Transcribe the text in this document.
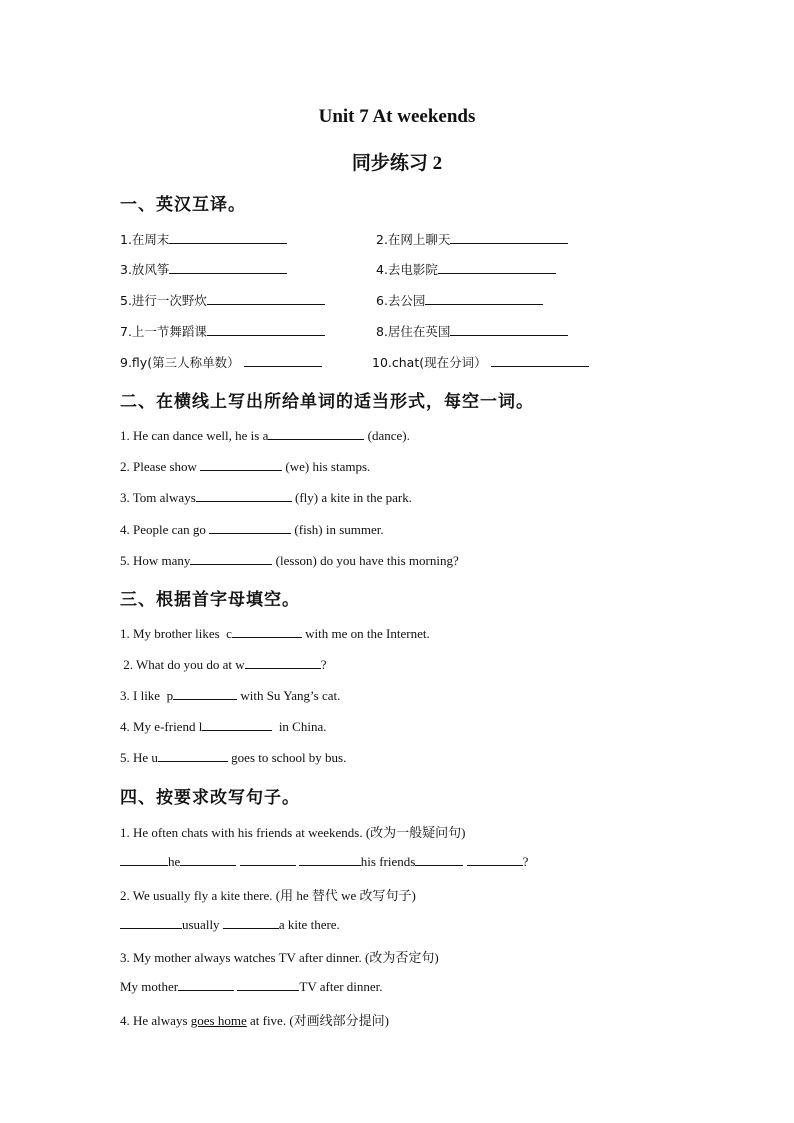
Unit 7 At weekends
同步练习 2
一、英汉互译。
1.在周末	2.在网上聊天
3.放风筝	4.去电影院
5.进行一次野炊	6.去公园
7.上一节舞蹈课	8.居住在英国
9.fly(第三人称单数）	10.chat(现在分词）
二、在横线上写出所给单词的适当形式，每空一词。
1. He can dance well, he is a	(dance).
2. Please show	(we) his stamps.
3. Tom always	(fly) a kite in the park.
4. People can go	(fish) in summer.
5. How many	(lesson) do you have this morning?
三、根据首字母填空。
1. My brother likes  c	with me on the Internet.
2. What do you do at w	?
3. I like  p	with Su Yang’s cat.
4. My e-friend l	in China.
5. He u	goes to school by bus.
四、按要求改写句子。
1. He often chats with his friends at weekends. (改为一般疑问句)
he	his friends	?
2. We usually fly a kite there. (用 he 替代 we 改写句子)
usually	a kite there.
3. My mother always watches TV after dinner. (改为否定句)
My mother	TV after dinner.
4. He always goes home at five. (对画线部分提问)
